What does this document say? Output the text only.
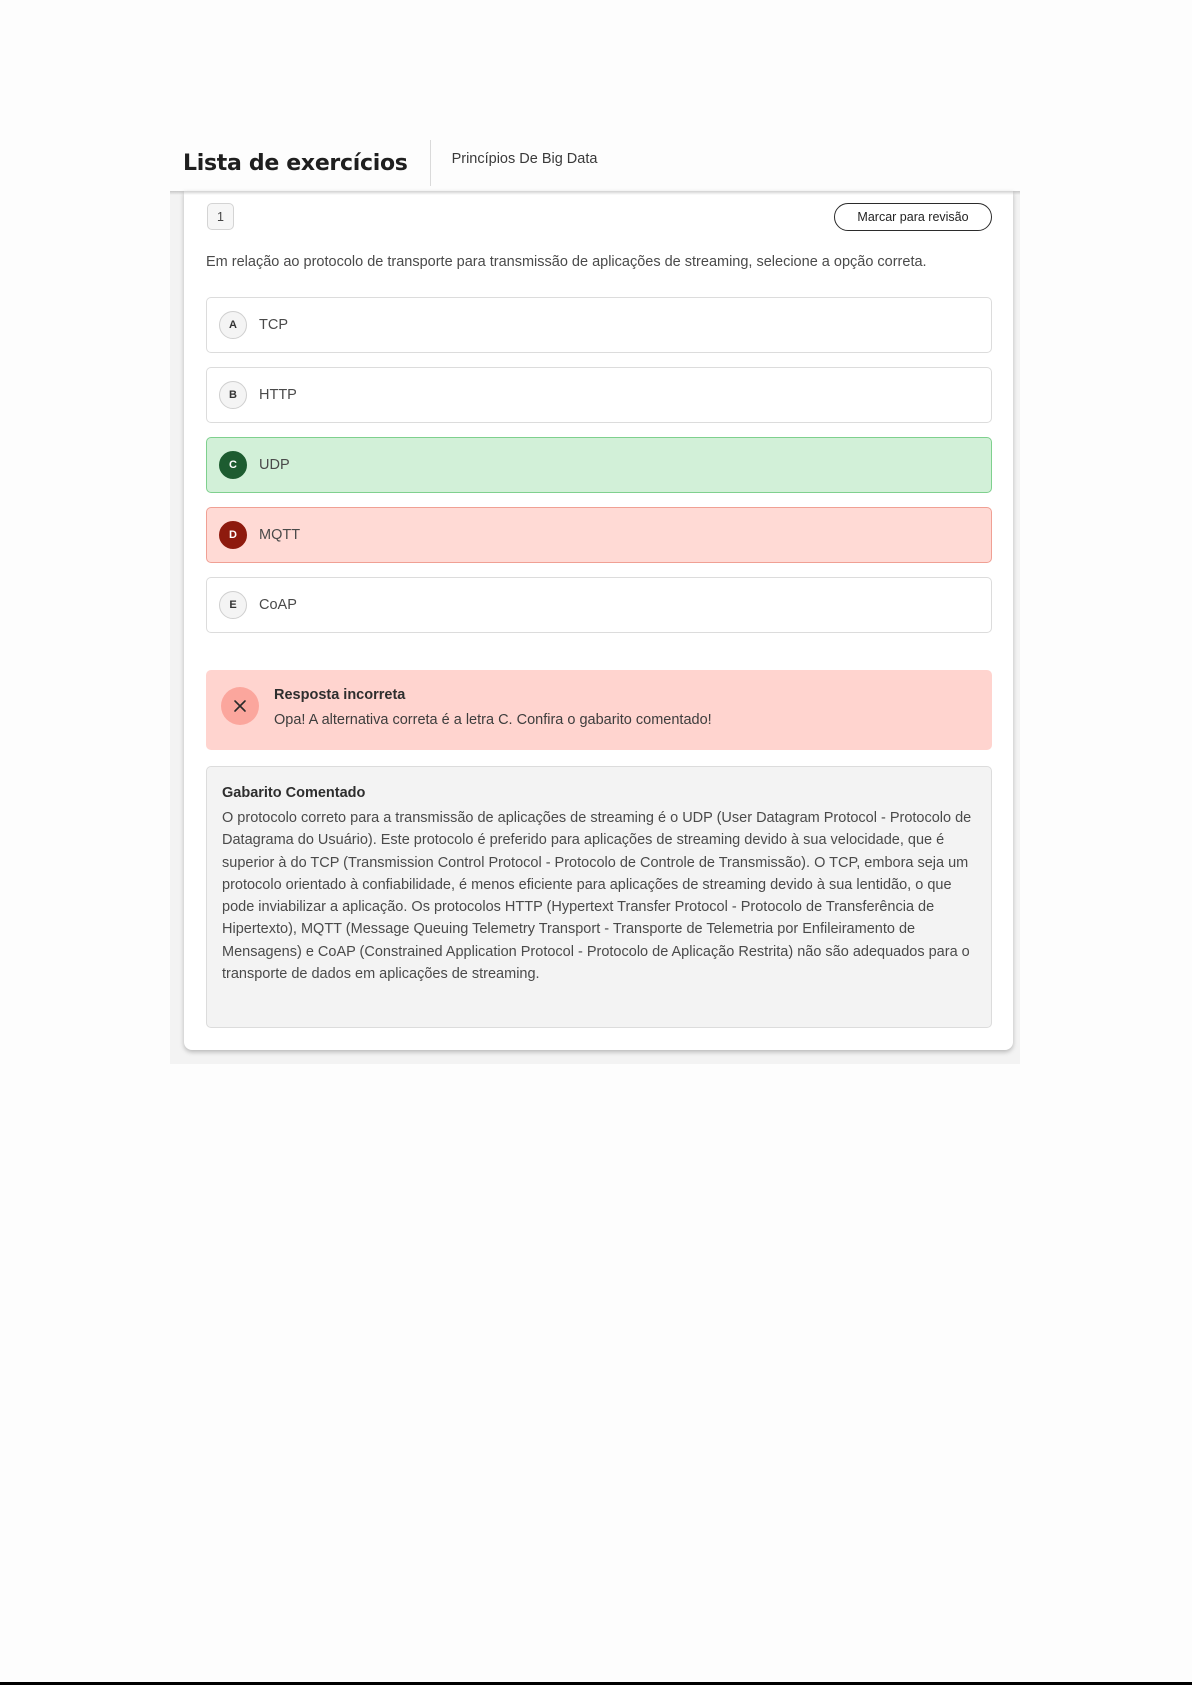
Lista de exercícios	Princípios De Big Data
1	Marcar para revisão

Em relação ao protocolo de transporte para transmissão de aplicações de streaming, selecione a opção correta.

A	TCP
B	HTTP
C	UDP
D	MQTT
E	CoAP
Resposta incorreta
Opa! A alternativa correta é a letra C. Confira o gabarito comentado!

Gabarito Comentado

O protocolo correto para a transmissão de aplicações de streaming é o UDP (User Datagram Protocol - Protocolo de Datagrama do Usuário). Este protocolo é preferido para aplicações de streaming devido à sua velocidade, que é superior à do TCP (Transmission Control Protocol - Protocolo de Controle de Transmissão). O TCP, embora seja um protocolo orientado à confiabilidade, é menos eficiente para aplicações de streaming devido à sua lentidão, o que pode inviabilizar a aplicação. Os protocolos HTTP (Hypertext Transfer Protocol - Protocolo de Transferência de Hipertexto), MQTT (Message Queuing Telemetry Transport - Transporte de Telemetria por Enfileiramento de Mensagens) e CoAP (Constrained Application Protocol - Protocolo de Aplicação Restrita) não são adequados para o transporte de dados em aplicações de streaming.
